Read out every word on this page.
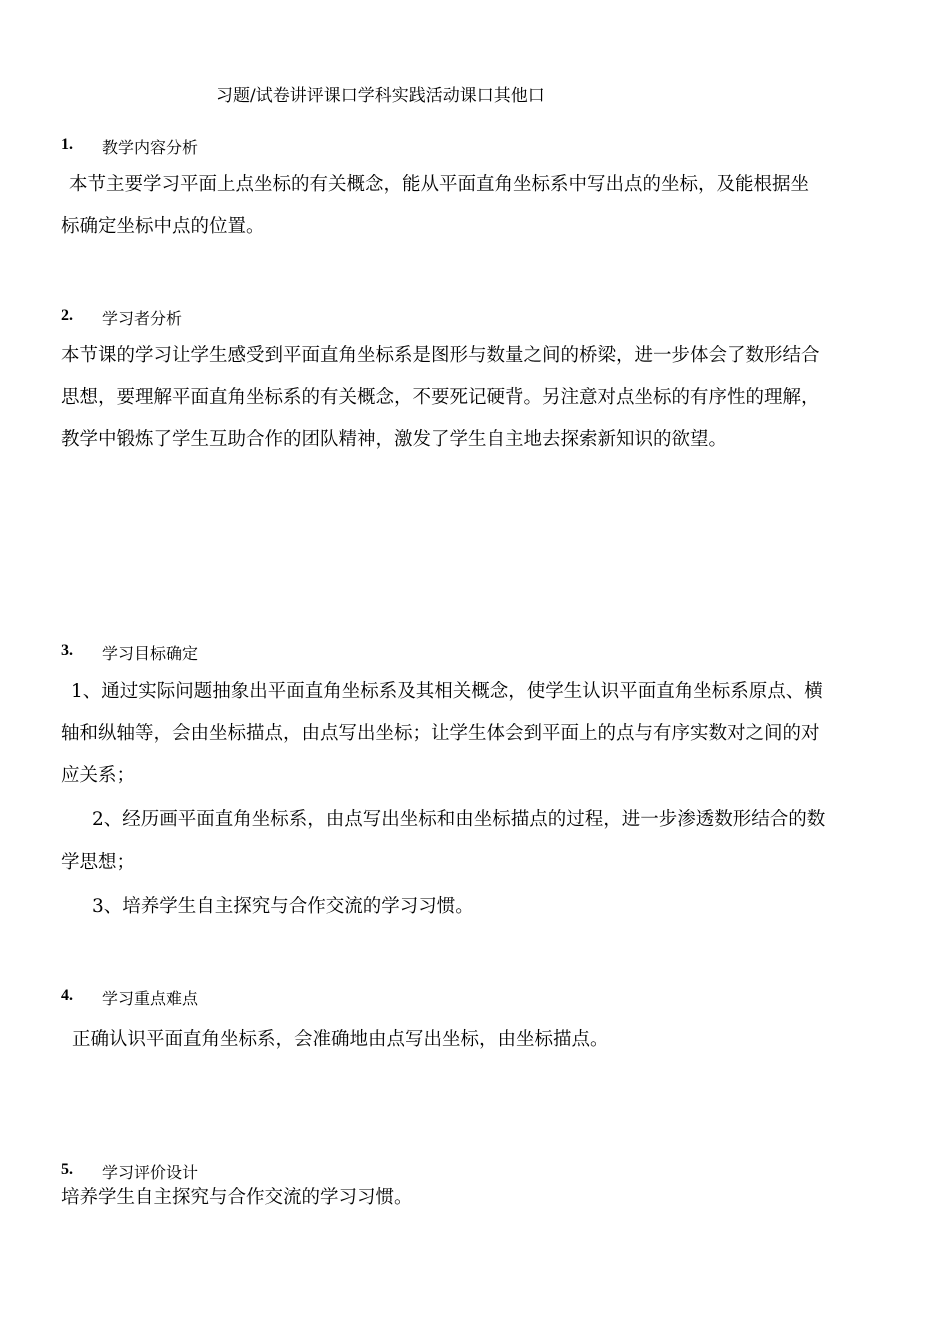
习题/试卷讲评课口学科实践活动课口其他口
1. 教学内容分析
本节主要学习平面上点坐标的有关概念，能从平面直角坐标系中写出点的坐标，及能根据坐
标确定坐标中点的位置。
2. 学习者分析
本节课的学习让学生感受到平面直角坐标系是图形与数量之间的桥梁，进一步体会了数形结合
思想，要理解平面直角坐标系的有关概念，不要死记硬背。另注意对点坐标的有序性的理解，
教学中锻炼了学生互助合作的团队精神，激发了学生自主地去探索新知识的欲望。
3. 学习目标确定
1、通过实际问题抽象出平面直角坐标系及其相关概念，使学生认识平面直角坐标系原点、横
轴和纵轴等，会由坐标描点，由点写出坐标；让学生体会到平面上的点与有序实数对之间的对
应关系；
2、经历画平面直角坐标系，由点写出坐标和由坐标描点的过程，进一步渗透数形结合的数
学思想；
3、培养学生自主探究与合作交流的学习习惯。
4. 学习重点难点
正确认识平面直角坐标系，会准确地由点写出坐标，由坐标描点。
5. 学习评价设计
培养学生自主探究与合作交流的学习习惯。
